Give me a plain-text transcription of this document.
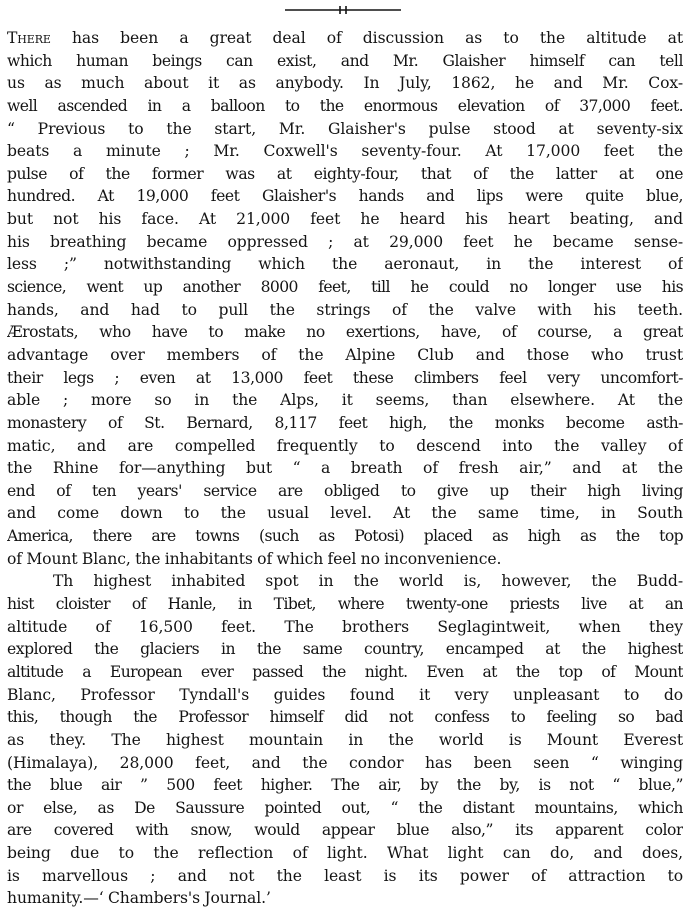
There has been a great deal of discussion as to the altitude at
which human beings can exist, and Mr. Glaisher himself can tell
us as much about it as anybody. In July, 1862, he and Mr. Cox-
well ascended in a balloon to the enormous elevation of 37,000 feet.
“ Previous to the start, Mr. Glaisher's pulse stood at seventy-six
beats a minute ; Mr. Coxwell's seventy-four. At 17,000 feet the
pulse of the former was at eighty-four, that of the latter at one
hundred. At 19,000 feet Glaisher's hands and lips were quite blue,
but not his face. At 21,000 feet he heard his heart beating, and
his breathing became oppressed ; at 29,000 feet he became sense-
less ;” notwithstanding which the aeronaut, in the interest of
science, went up another 8000 feet, till he could no longer use his
hands, and had to pull the strings of the valve with his teeth.
Ærostats, who have to make no exertions, have, of course, a great
advantage over members of the Alpine Club and those who trust
their legs ; even at 13,000 feet these climbers feel very uncomfort-
able ; more so in the Alps, it seems, than elsewhere. At the
monastery of St. Bernard, 8,117 feet high, the monks become asth-
matic, and are compelled frequently to descend into the valley of
the Rhine for—anything but “ a breath of fresh air,” and at the
end of ten years' service are obliged to give up their high living
and come down to the usual level. At the same time, in South
America, there are towns (such as Potosi) placed as high as the top
of Mount Blanc, the inhabitants of which feel no inconvenience.
Th highest inhabited spot in the world is, however, the Budd-
hist cloister of Hanle, in Tibet, where twenty-one priests live at an
altitude of 16,500 feet. The brothers Seglagintweit, when they
explored the glaciers in the same country, encamped at the highest
altitude a European ever passed the night. Even at the top of Mount
Blanc, Professor Tyndall's guides found it very unpleasant to do
this, though the Professor himself did not confess to feeling so bad
as they. The highest mountain in the world is Mount Everest
(Himalaya), 28,000 feet, and the condor has been seen “ winging
the blue air ” 500 feet higher. The air, by the by, is not “ blue,”
or else, as De Saussure pointed out, “ the distant mountains, which
are covered with snow, would appear blue also,” its apparent color
being due to the reflection of light. What light can do, and does,
is marvellous ; and not the least is its power of attraction to
humanity.—‘ Chambers's Journal.’
